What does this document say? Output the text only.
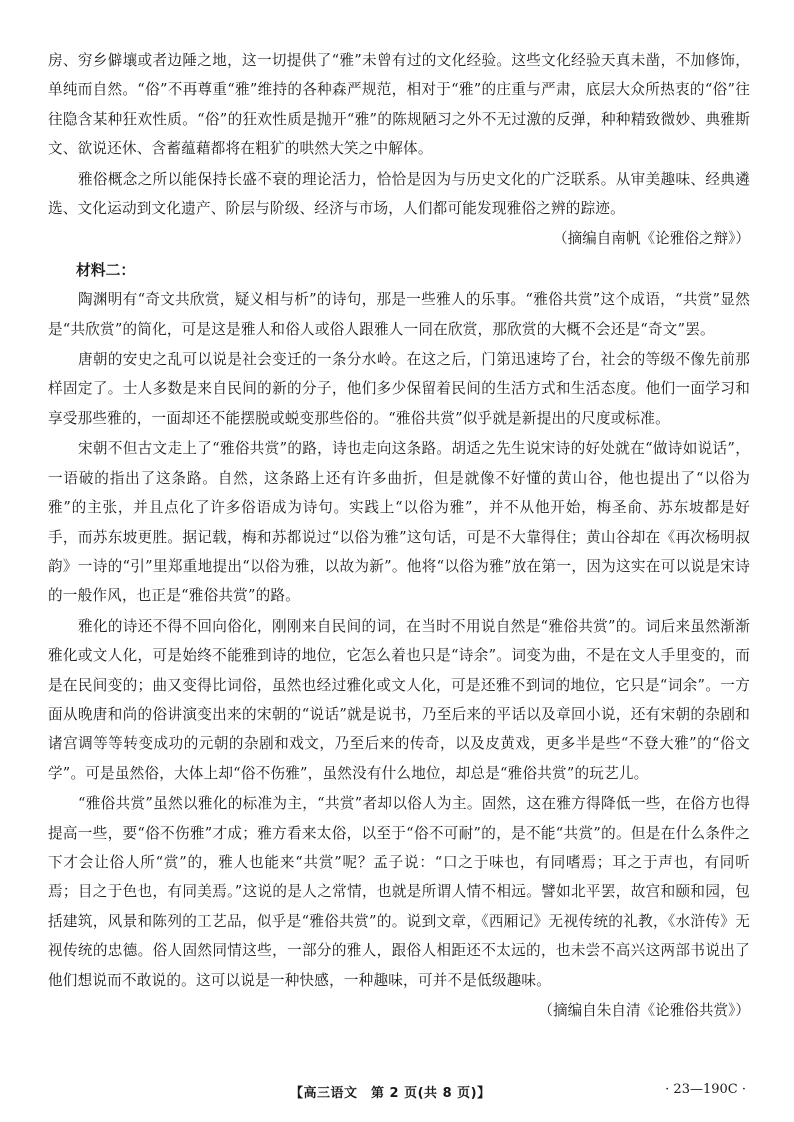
房、穷乡僻壤或者边陲之地，这一切提供了“雅”未曾有过的文化经验。这些文化经验天真未凿，不加修饰，单纯而自然。“俗”不再尊重“雅”维持的各种森严规范，相对于“雅”的庄重与严肃，底层大众所热衷的“俗”往往隐含某种狂欢性质。“俗”的狂欢性质是抛开“雅”的陈规陋习之外不无过激的反弹，种种精致微妙、典雅斯文、欲说还休、含蓄蕴藉都将在粗犷的哄然大笑之中解体。

雅俗概念之所以能保持长盛不衰的理论活力，恰恰是因为与历史文化的广泛联系。从审美趣味、经典遴选、文化运动到文化遗产、阶层与阶级、经济与市场，人们都可能发现雅俗之辨的踪迹。

（摘编自南帆《论雅俗之辩》）

材料二：

陶渊明有“奇文共欣赏，疑义相与析”的诗句，那是一些雅人的乐事。“雅俗共赏”这个成语，“共赏”显然是“共欣赏”的简化，可是这是雅人和俗人或俗人跟雅人一同在欣赏，那欣赏的大概不会还是“奇文”罢。

唐朝的安史之乱可以说是社会变迁的一条分水岭。在这之后，门第迅速垮了台，社会的等级不像先前那样固定了。士人多数是来自民间的新的分子，他们多少保留着民间的生活方式和生活态度。他们一面学习和享受那些雅的，一面却还不能摆脱或蜕变那些俗的。“雅俗共赏”似乎就是新提出的尺度或标准。

宋朝不但古文走上了“雅俗共赏”的路，诗也走向这条路。胡适之先生说宋诗的好处就在“做诗如说话”，一语破的指出了这条路。自然，这条路上还有许多曲折，但是就像不好懂的黄山谷，他也提出了“以俗为雅”的主张，并且点化了许多俗语成为诗句。实践上“以俗为雅”，并不从他开始，梅圣俞、苏东坡都是好手，而苏东坡更胜。据记载，梅和苏都说过“以俗为雅”这句话，可是不大靠得住；黄山谷却在《再次杨明叔韵》一诗的“引”里郑重地提出“以俗为雅，以故为新”。他将“以俗为雅”放在第一，因为这实在可以说是宋诗的一般作风，也正是“雅俗共赏”的路。

雅化的诗还不得不回向俗化，刚刚来自民间的词，在当时不用说自然是“雅俗共赏”的。词后来虽然渐渐雅化或文人化，可是始终不能雅到诗的地位，它怎么着也只是“诗余”。词变为曲，不是在文人手里变的，而是在民间变的；曲又变得比词俗，虽然也经过雅化或文人化，可是还雅不到词的地位，它只是“词余”。一方面从晚唐和尚的俗讲演变出来的宋朝的“说话”就是说书，乃至后来的平话以及章回小说，还有宋朝的杂剧和诸宫调等等转变成功的元朝的杂剧和戏文，乃至后来的传奇，以及皮黄戏，更多半是些“不登大雅”的“俗文学”。可是虽然俗，大体上却“俗不伤雅”，虽然没有什么地位，却总是“雅俗共赏”的玩艺儿。

“雅俗共赏”虽然以雅化的标准为主，“共赏”者却以俗人为主。固然，这在雅方得降低一些，在俗方也得提高一些，要“俗不伤雅”才成；雅方看来太俗，以至于“俗不可耐”的，是不能“共赏”的。但是在什么条件之下才会让俗人所“赏”的，雅人也能来“共赏”呢？孟子说：“口之于味也，有同嗜焉；耳之于声也，有同听焉；目之于色也，有同美焉。”这说的是人之常情，也就是所谓人情不相远。譬如北平罢，故宫和颐和园，包括建筑，风景和陈列的工艺品，似乎是“雅俗共赏”的。说到文章，《西厢记》无视传统的礼教，《水浒传》无视传统的忠德。俗人固然同情这些，一部分的雅人，跟俗人相距还不太远的，也未尝不高兴这两部书说出了他们想说而不敢说的。这可以说是一种快感，一种趣味，可并不是低级趣味。

（摘编自朱自清《论雅俗共赏》）

【高三语文　第 2 页(共 8 页)】	· 23—190C ·
